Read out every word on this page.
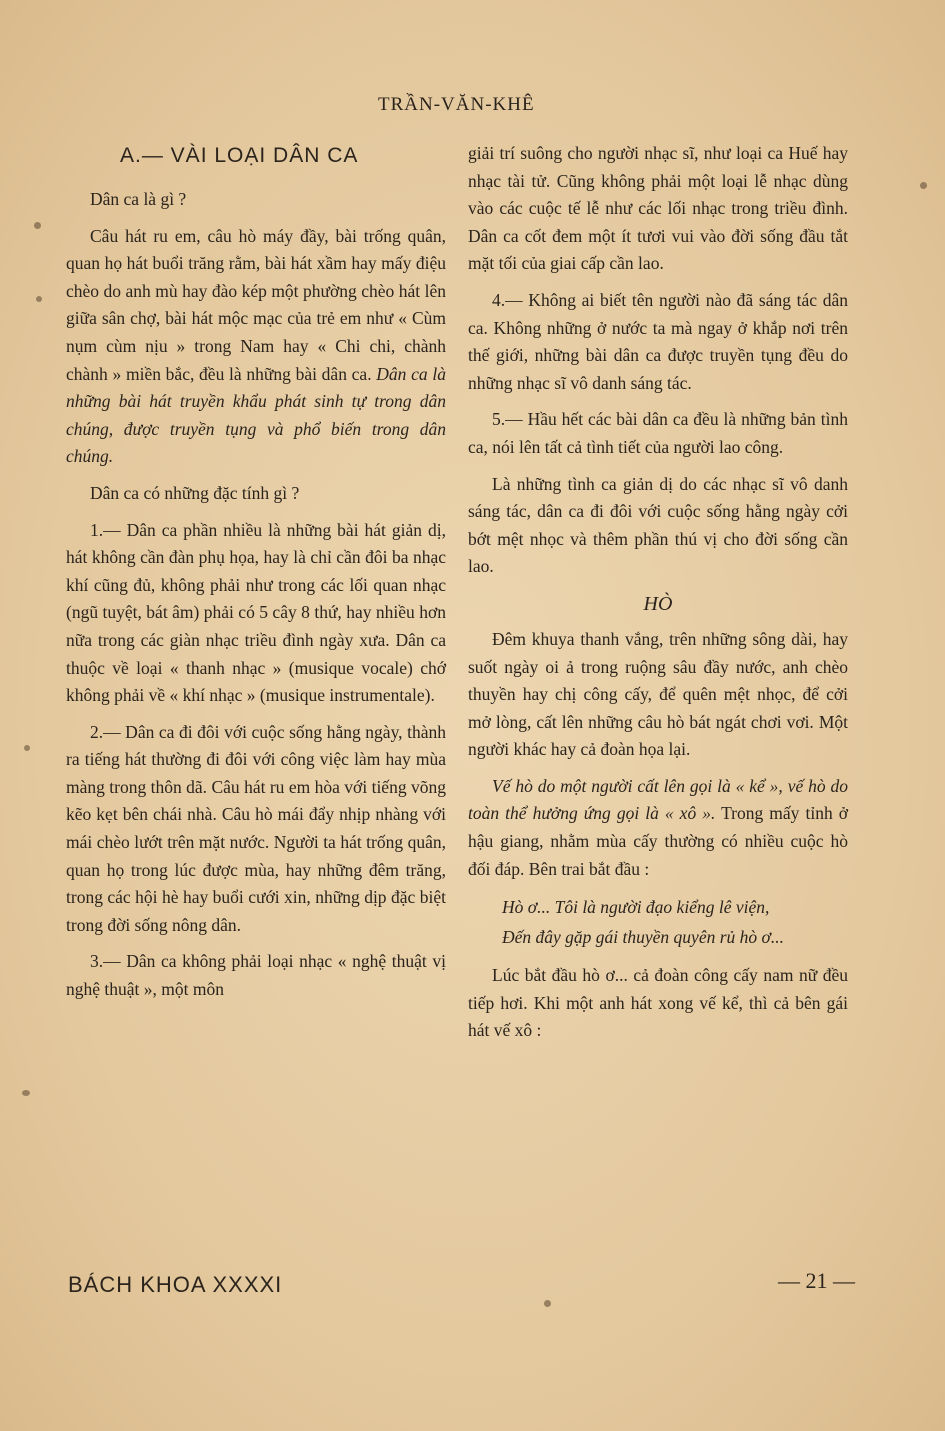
TRẦN-VĂN-KHÊ
A.— VÀI LOẠI DÂN CA

Dân ca là gì ?

Câu hát ru em, câu hò máy đầy, bài trống quân, quan họ hát buổi trăng rằm, bài hát xầm hay mấy điệu chèo do anh mù hay đào kép một phường chèo hát lên giữa sân chợ, bài hát mộc mạc của trẻ em như « Cùm nụm cùm nịu » trong Nam hay « Chi chi, chành chành » miền bắc, đều là những bài dân ca. Dân ca là những bài hát truyền khẩu phát sinh tự trong dân chúng, được truyền tụng và phổ biến trong dân chúng.

Dân ca có những đặc tính gì ?

1.— Dân ca phần nhiều là những bài hát giản dị, hát không cần đàn phụ họa, hay là chỉ cần đôi ba nhạc khí cũng đủ, không phải như trong các lối quan nhạc (ngũ tuyệt, bát âm) phải có 5 cây 8 thứ, hay nhiều hơn nữa trong các giàn nhạc triều đình ngày xưa. Dân ca thuộc về loại « thanh nhạc » (musique vocale) chớ không phải về « khí nhạc » (musique instrumentale).

2.— Dân ca đi đôi với cuộc sống hằng ngày, thành ra tiếng hát thường đi đôi với công việc làm hay mùa màng trong thôn dã. Câu hát ru em hòa với tiếng võng kẽo kẹt bên chái nhà. Câu hò mái đẩy nhịp nhàng với mái chèo lướt trên mặt nước. Người ta hát trống quân, quan họ trong lúc được mùa, hay những đêm trăng, trong các hội hè hay buổi cưới xin, những dịp đặc biệt trong đời sống nông dân.

3.— Dân ca không phải loại nhạc « nghệ thuật vị nghệ thuật », một môn

giải trí suông cho người nhạc sĩ, như loại ca Huế hay nhạc tài tử. Cũng không phải một loại lễ nhạc dùng vào các cuộc tế lễ như các lối nhạc trong triều đình. Dân ca cốt đem một ít tươi vui vào đời sống đầu tắt mặt tối của giai cấp cần lao.

4.— Không ai biết tên người nào đã sáng tác dân ca. Không những ở nước ta mà ngay ở khắp nơi trên thế giới, những bài dân ca được truyền tụng đều do những nhạc sĩ vô danh sáng tác.

5.— Hầu hết các bài dân ca đều là những bản tình ca, nói lên tất cả tình tiết của người lao công.

Là những tình ca giản dị do các nhạc sĩ vô danh sáng tác, dân ca đi đôi với cuộc sống hằng ngày cởi bớt mệt nhọc và thêm phần thú vị cho đời sống cần lao.

HÒ

Đêm khuya thanh vắng, trên những sông dài, hay suốt ngày oi ả trong ruộng sâu đầy nước, anh chèo thuyền hay chị công cấy, để quên mệt nhọc, để cởi mở lòng, cất lên những câu hò bát ngát chơi vơi. Một người khác hay cả đoàn họa lại.

Vế hò do một người cất lên gọi là « kể », vế hò do toàn thể hưởng ứng gọi là « xô ». Trong mấy tỉnh ở hậu giang, nhằm mùa cấy thường có nhiều cuộc hò đối đáp. Bên trai bắt đầu :

Hò ơ... Tôi là người đạo kiểng lê viện,
Đến đây gặp gái thuyền quyên rủ hò ơ...

Lúc bắt đầu hò ơ... cả đoàn công cấy nam nữ đều tiếp hơi. Khi một anh hát xong vế kể, thì cả bên gái hát vế xô :

BÁCH KHOA XXXXI	— 21 —
